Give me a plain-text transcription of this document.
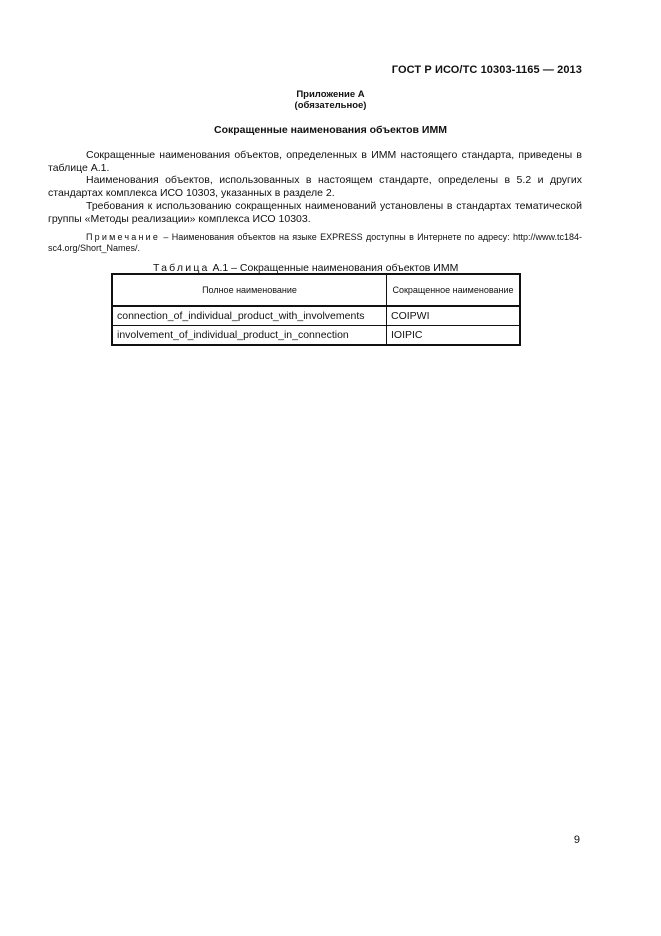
ГОСТ Р ИСО/ТС 10303-1165 — 2013
Приложение А
(обязательное)
Сокращенные наименования объектов ИММ

Сокращенные наименования объектов, определенных в ИММ настоящего стандарта, приведены в таблице А.1.

Наименования объектов, использованных в настоящем стандарте, определены в 5.2 и других стандартах комплекса ИСО 10303, указанных в разделе 2.

Требования к использованию сокращенных наименований установлены в стандартах тематической группы «Методы реализации» комплекса ИСО 10303.

Примечание – Наименования объектов на языке EXPRESS доступны в Интернете по адресу: http://www.tc184-sc4.org/Short_Names/.
Таблица А.1 – Сокращенные наименования объектов ИММ
Полное наименование	Сокращенное наименование
connection_of_individual_product_with_involvements	COIPWI
involvement_of_individual_product_in_connection	IOIPIC
9
